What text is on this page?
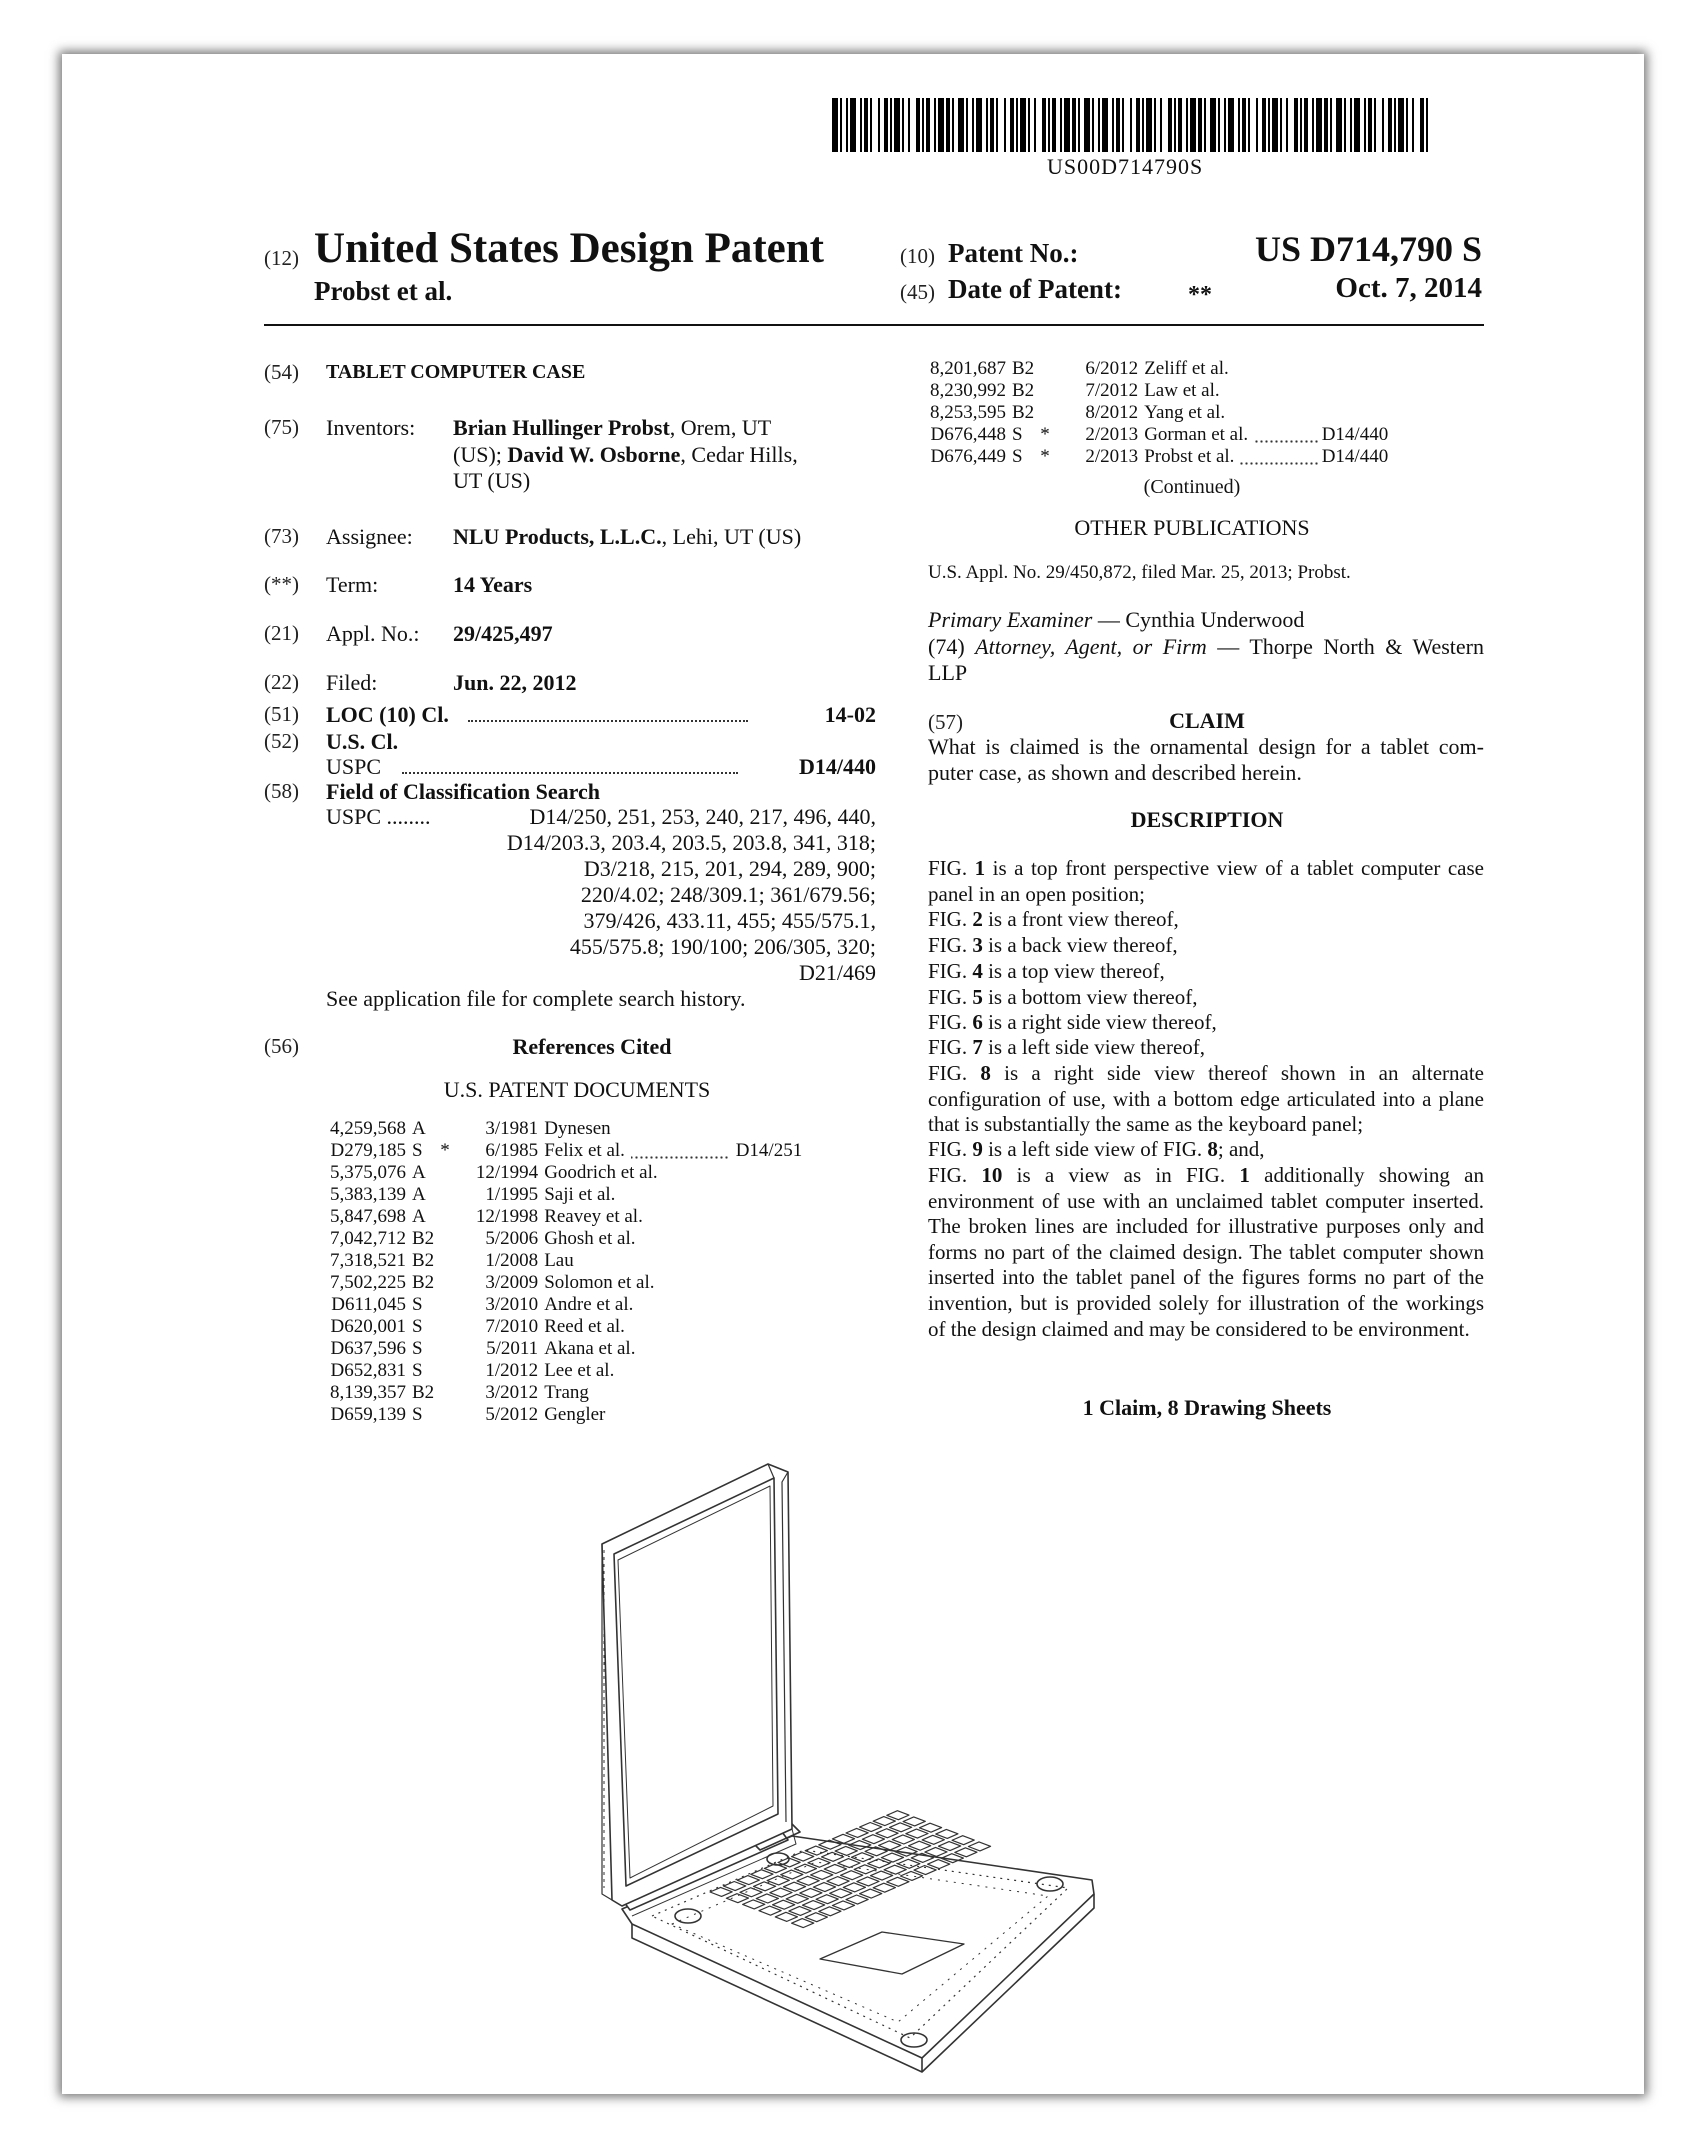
US00D714790S
(12) United States Design Patent
Probst et al.
(10) Patent No.:	US D714,790 S
(45) Date of Patent:	**	Oct. 7, 2014
(54) TABLET COMPUTER CASE
(75) Inventors: Brian Hullinger Probst, Orem, UT
(US); David W. Osborne, Cedar Hills,
UT (US)
(73) Assignee: NLU Products, L.L.C., Lehi, UT (US)
(**) Term:	14 Years
(21) Appl. No.: 29/425,497
(22) Filed:	Jun. 22, 2012
(51) LOC (10) Cl.	14-02
(52) U.S. Cl.
USPC	D14/440
(58) Field of Classification Search
USPC ........	D14/250, 251, 253, 240, 217, 496, 440,
D14/203.3, 203.4, 203.5, 203.8, 341, 318;
D3/218, 215, 201, 294, 289, 900;
220/4.02; 248/309.1; 361/679.56;
379/426, 433.11, 455; 455/575.1,
455/575.8; 190/100; 206/305, 320;
D21/469
See application file for complete search history.
(56)	References Cited
U.S. PATENT DOCUMENTS
4,259,568	A		3/1981	Dynesen	
D279,185	S	*	6/1985	Felix et al.	D14/251
5,375,076	A		12/1994	Goodrich et al.	
5,383,139	A		1/1995	Saji et al.	
5,847,698	A		12/1998	Reavey et al.	
7,042,712	B2		5/2006	Ghosh et al.	
7,318,521	B2		1/2008	Lau	
7,502,225	B2		3/2009	Solomon et al.	
D611,045	S		3/2010	Andre et al.	
D620,001	S		7/2010	Reed et al.	
D637,596	S		5/2011	Akana et al.	
D652,831	S		1/2012	Lee et al.	
8,139,357	B2		3/2012	Trang	
D659,139	S		5/2012	Gengler	
8,201,687	B2		6/2012	Zeliff et al.	
8,230,992	B2		7/2012	Law et al.	
8,253,595	B2		8/2012	Yang et al.	
D676,448	S	*	2/2013	Gorman et al.	D14/440
D676,449	S	*	2/2013	Probst et al.	D14/440
(Continued)
OTHER PUBLICATIONS
U.S. Appl. No. 29/450,872, filed Mar. 25, 2013; Probst.
Primary Examiner — Cynthia Underwood
(74) Attorney, Agent, or Firm — Thorpe North & Western
LLP
(57)	CLAIM
What is claimed is the ornamental design for a tablet com-
puter case, as shown and described herein.
DESCRIPTION
FIG. 1 is a top front perspective view of a tablet computer case panel in an open position;
FIG. 2 is a front view thereof,
FIG. 3 is a back view thereof,
FIG. 4 is a top view thereof,
FIG. 5 is a bottom view thereof,
FIG. 6 is a right side view thereof,
FIG. 7 is a left side view thereof,
FIG. 8 is a right side view thereof shown in an alternate configuration of use, with a bottom edge articulated into a plane that is substantially the same as the keyboard panel;
FIG. 9 is a left side view of FIG. 8; and,
FIG. 10 is a view as in FIG. 1 additionally showing an environment of use with an unclaimed tablet computer inserted. The broken lines are included for illustrative purposes only and forms no part of the claimed design. The tablet computer shown inserted into the tablet panel of the figures forms no part of the invention, but is provided solely for illustration of the workings of the design claimed and may be considered to be environment.
1 Claim, 8 Drawing Sheets
